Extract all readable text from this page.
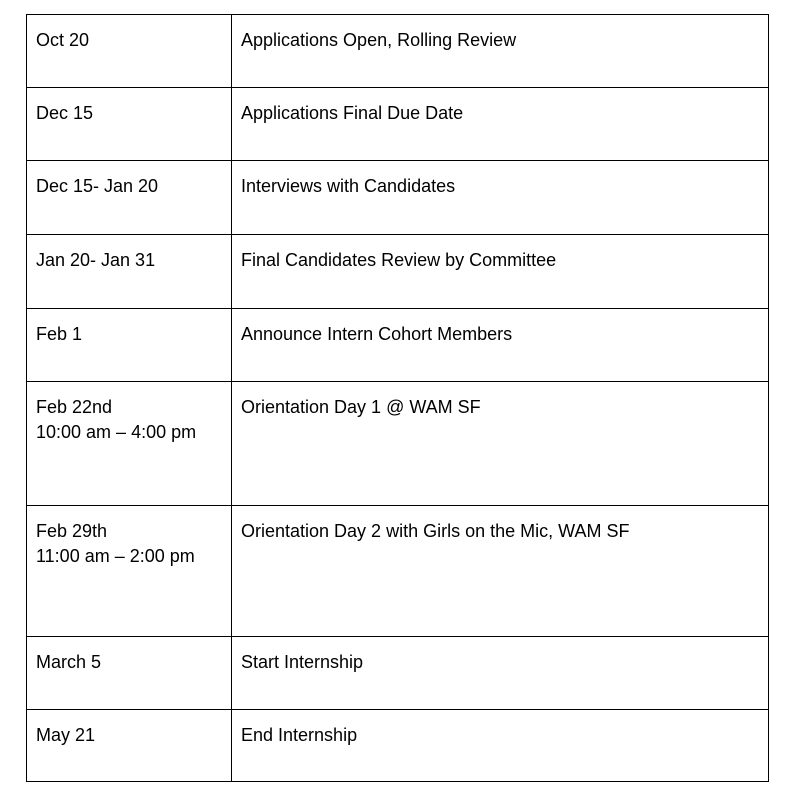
Oct 20	Applications Open, Rolling Review

Dec 15	Applications Final Due Date

Dec 15- Jan 20	Interviews with Candidates

Jan 20- Jan 31	Final Candidates Review by Committee

Feb 1	Announce Intern Cohort Members

Feb 22nd
10:00 am – 4:00 pm	Orientation Day 1 @ WAM SF

Feb 29th
11:00 am – 2:00 pm	Orientation Day 2 with Girls on the Mic, WAM SF

March 5	Start Internship

May 21	End Internship
